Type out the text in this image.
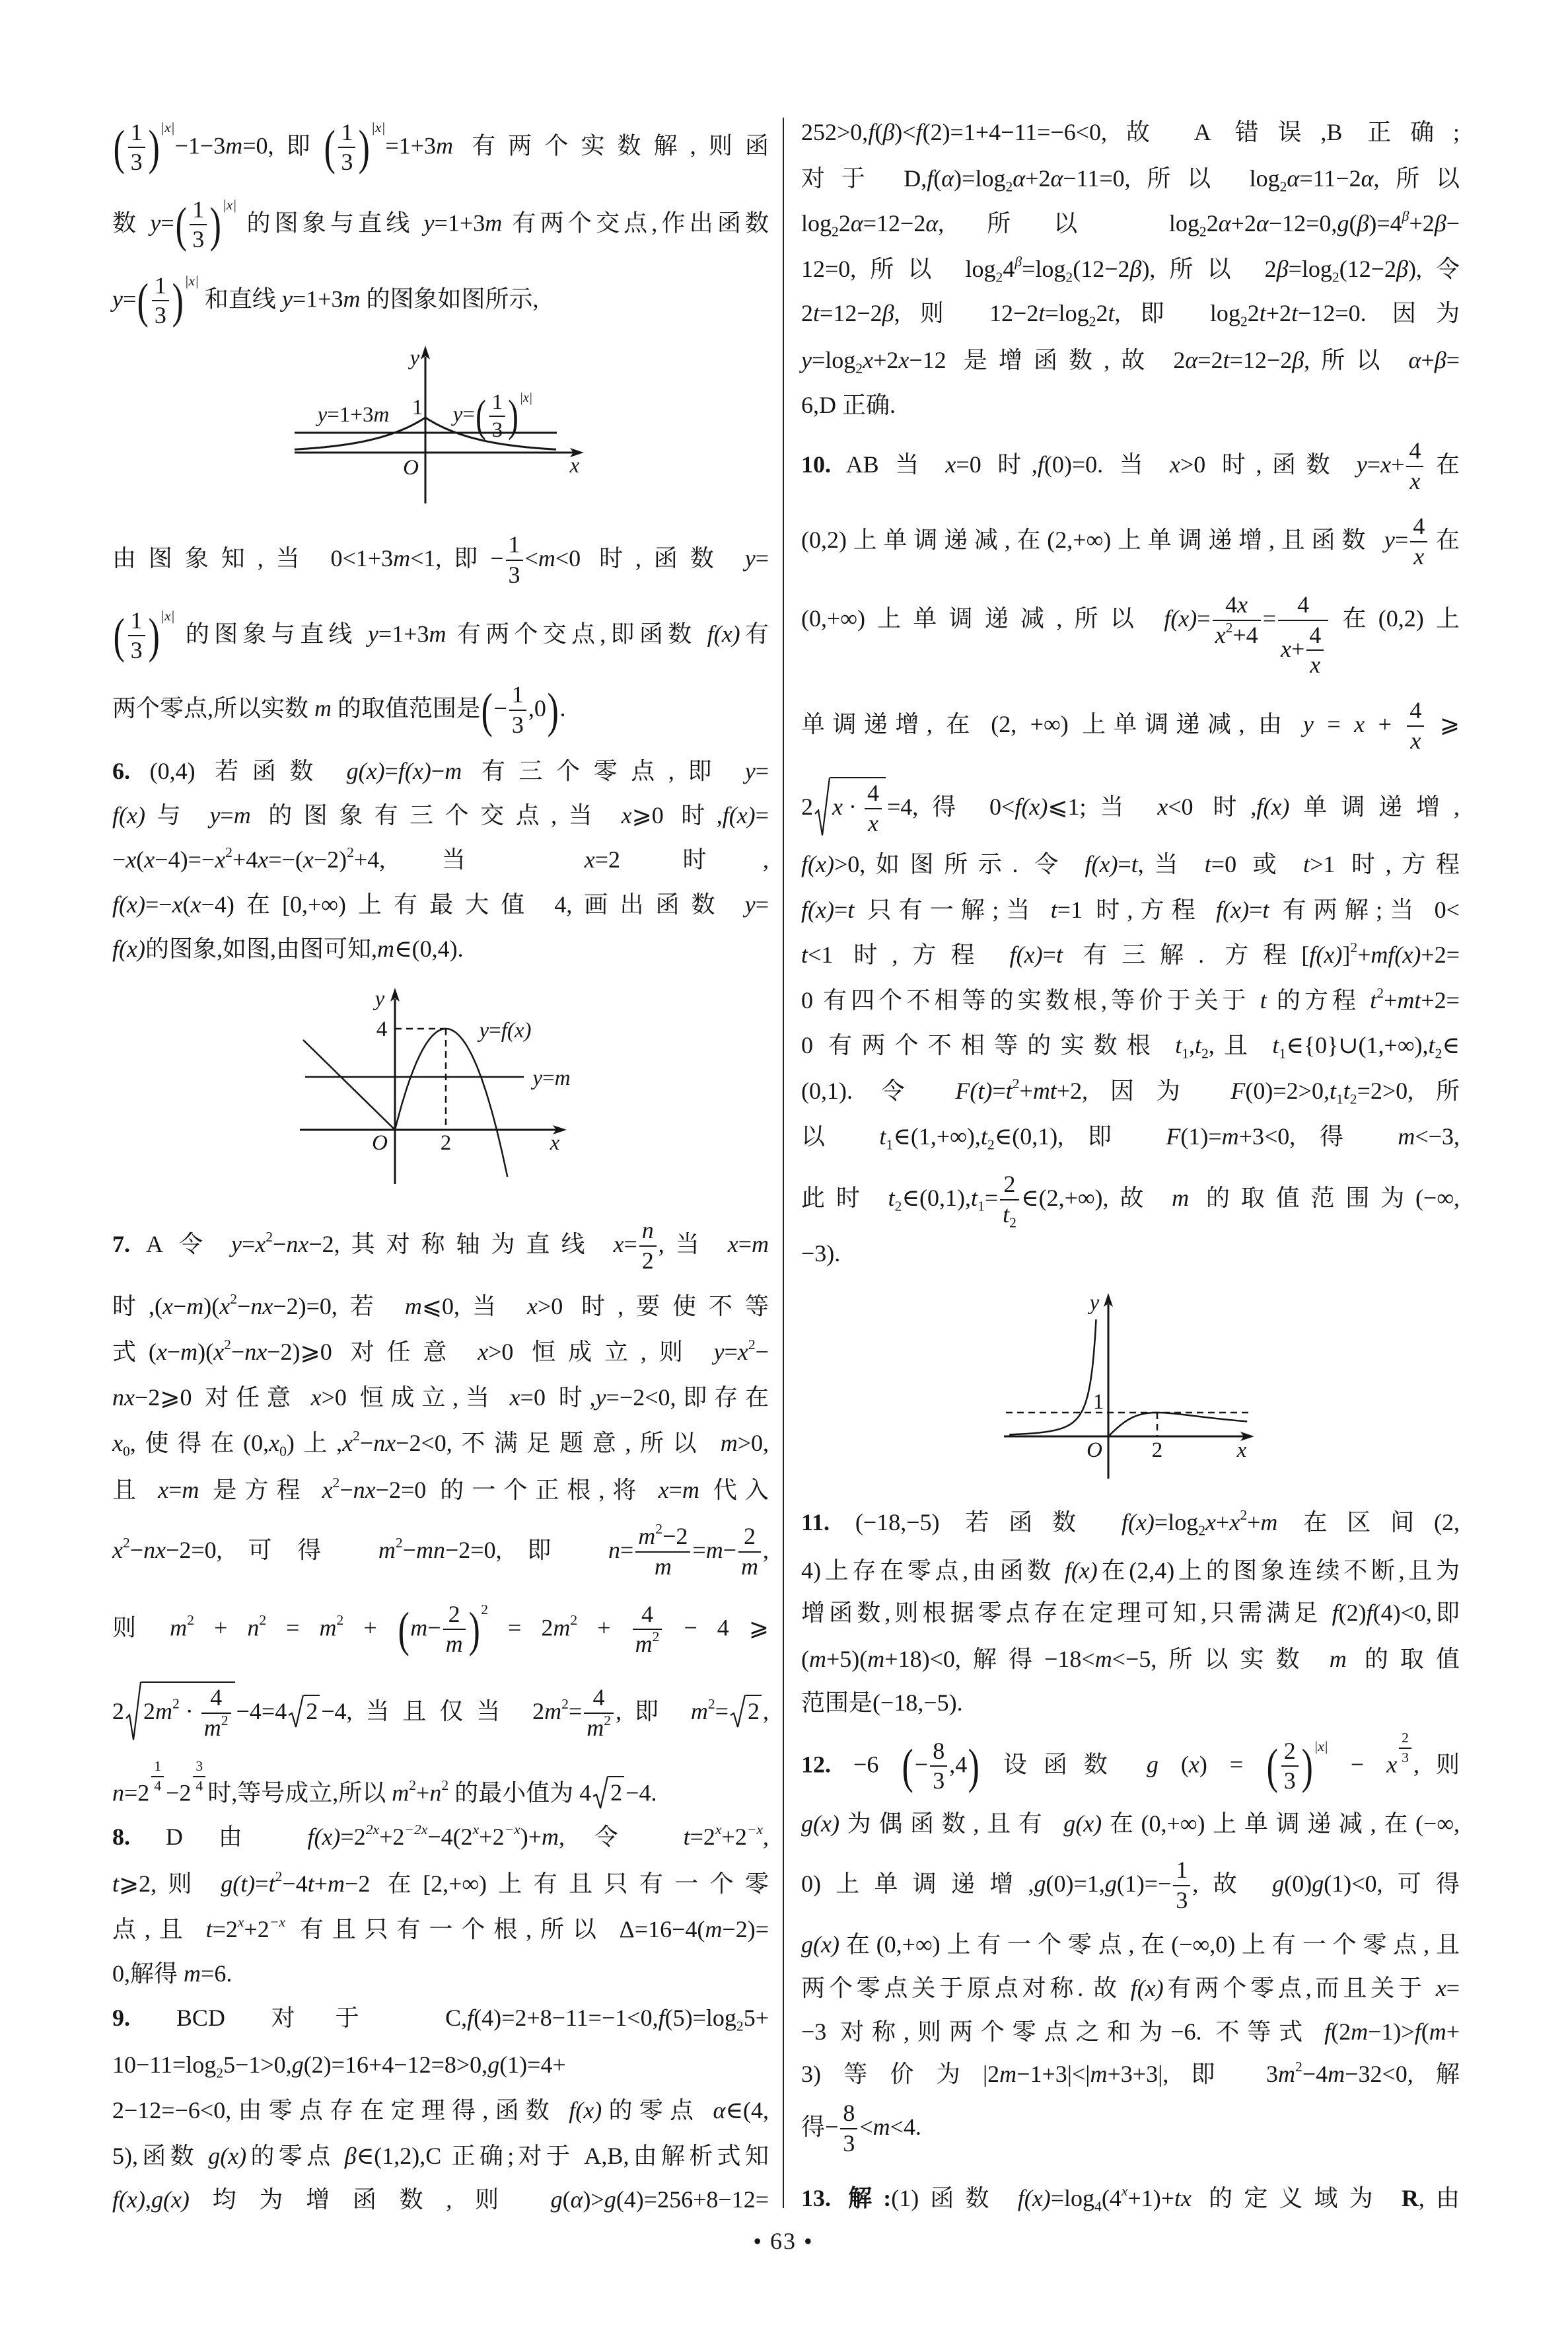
( $\frac{1}{3} )^{|x|}-1-3m=0$,即( $\frac{1}{3} )^{|x|}=1+3m$ 有两个实数解,则函
数 $y=( \frac{1}{3} )^{|x|}$ 的图象与直线 y=1+3m 有两个交点,作出函数
$y=( \frac{1}{3} )^{|x|}$ 和直线 y=1+3m 的图象如图所示,
由图象知,当 0<1+3m<1,即− $\frac{1}{3} <m<0$ 时,函数 y=
( $\frac{1}{3} )^{|x|}$ 的图象与直线 y=1+3m 有两个交点,即函数 f(x)有
两个零点,所以实数 m 的取值范围是(− $\frac{1}{3} ,0$).
6. (0,4) 若函数 g(x)=f(x)−m 有三个零点,即 y=
f(x)与 y=m 的图象有三个交点,当 x⩾0 时,f(x)=
$-x(x-4)=-x^2+4x=-(x-2)^2+4$,当 x=2 时,
f(x)=−x(x−4)在[0,+∞)上有最大值 4,画出函数 y=
f(x)的图象,如图,由图可知,m∈(0,4).
7. A 令 $y=x^2-nx-2$,其对称轴为直线 $x= \frac{n}{2}$ ,当 x=m
时$,(x-m)(x^2-nx-2)=0$,若 m⩽0,当 x>0 时,要使不等
式$(x-m)(x^2-nx-2)⩾0$ 对任意 x>0 恒成立,则 $y=x^2-$
nx−2⩾0 对任意 x>0 恒成立,当 x=0 时,y=−2<0,即存在
$x_0$,使得在$(0,x_0)$上$,x^2-nx-2<0$,不满足题意,所以 m>0,
且 x=m 是方程 $x^2-nx-2=0$ 的一个正根,将 x=m 代入
$x^2-nx-2=0$,可得 $m^2-mn-2=0$,即 $n= \frac{m^2-2}{m} =m- \frac{2}{m}$ ,
则 $m^2 + n^2 = m^2 + (m- \frac{2}{m} )^2 = 2m^2 + \frac{4}{m^2} - 4$ ⩾
2 $2m^2 \cdot \frac{4}{m^2} -4=4$ 2 −4,当且仅当 $2m^2= \frac{4}{m^2}$ ,即 $m^2= 2$ ,
n=2 $^{\frac{1}{4}}$ −2 $^{\frac{3}{4}}$ 时,等号成立,所以 $m^2+n^2$ 的最小值为 4 2 −4.
8. D 由 $f(x)=2^{2x}+2^{-2x}-4(2^x+2^{-x})+m$,令 $t=2^x+2^{-x}$,
t⩾2,则 $g(t)=t^2-4t+m-2$ 在[2,+∞)上有且只有一个零
点,且 $t=2^x+2^{-x}$ 有且只有一个根,所以 Δ=16−4(m−2)=
0,解得 m=6.
9. BCD 对于 $C,f(4)=2+8-11=-1<0,f(5)=\log_25+$
$10-11=\log_25-1>0,g(2)=16+4-12=8>0,g(1)=4+$
2−12=−6<0,由零点存在定理得,函数 f(x)的零点 α∈(4,
5),函数 g(x)的零点 β∈(1,2),C 正确;对于 A,B,由解析式知
f(x),g(x)均为增函数,则 g(α)>g(4)=256+8−12=
252>0,f(β)<f(2)=1+4−11=−6<0,故 A 错误,B 正确;
对于 $D,f(\alpha)=\log_2\alpha+2\alpha-11=0$,所以 $\log_2\alpha=11-2\alpha$,所以
$\log_22\alpha=12-2\alpha$,所以 $\log_22\alpha+2\alpha-12=0,g(\beta)=4^\beta+2\beta-$
12=0,所以 $\log_24^\beta=\log_2(12-2\beta)$,所以 $2\beta=\log_2(12-2\beta)$,令
2t=12−2β,则 $12-2t=\log_22t$,即 $\log_22t+2t-12=0$. 因为
$y=\log_2x+2x-12$ 是增函数,故 2α=2t=12−2β,所以 α+β=
6,D 正确.
10. AB 当 x=0 时,f(0)=0. 当 x>0 时,函数 $y=x+ \frac{4}{x}$ 在
(0,2)上单调递减,在(2,+∞)上单调递增,且函数 $y= \frac{4}{x}$ 在
(0,+∞)上单调递减,所以 $f(x)= \frac{4x}{x^2+4} = \frac{4}{x+ \frac{4}{x}}$ 在(0,2)上
单调递增, 在 (2, +∞) 上单调递减, 由 $y = x + \frac{4}{x}$ ⩾
2 $x \cdot \frac{4}{x} =4$,得 0<f(x)⩽1;当 x<0 时,f(x)单调递增,
f(x)>0,如图所示. 令 f(x)=t,当 t=0 或 t>1 时,方程
f(x)=t 只有一解;当 t=1 时,方程 f(x)=t 有两解;当 0<
t<1 时,方程 f(x)=t 有三解. 方程$[f(x)]^2+mf(x)+2=$
0 有四个不相等的实数根,等价于关于 t 的方程 $t^2+mt+2=$
0 有两个不相等的实数根 $t_1,t_2$,且 $t_1\in\{0\}\cup(1,+\infty),t_2\in$
(0,1). 令 $F(t)=t^2+mt+2$,因为 $F(0)=2>0,t_1t_2=2>0$,所
以 $t_1\in(1,+\infty),t_2\in(0,1)$,即 F(1)=m+3<0,得 m<−3,
此时 $t_2\in(0,1),t_1= \frac{2}{t_2}$ ∈(2,+∞),故 m 的取值范围为(−∞,
−3).
11. (−18,−5) 若函数 $f(x)=\log_2x+x^2+m$ 在区间(2,
4)上存在零点,由函数 f(x)在(2,4)上的图象连续不断,且为
增函数,则根据零点存在定理可知,只需满足 f(2)f(4)<0,即
(m+5)(m+18)<0,解得−18<m<−5,所以实数 m 的取值
范围是(−18,−5).
12. −6 (− $\frac{8}{3} ,4$) 设函数 g (x) = ( $\frac{2}{3} )^{|x|} - x$ $^{\frac{2}{3}}$ ,则
g(x)为偶函数,且有 g(x)在(0,+∞)上单调递减,在(−∞,
0)上单调递增$,g(0)=1,g(1)=- \frac{1}{3}$ ,故 g(0)g(1)<0,可得
g(x)在(0,+∞)上有一个零点,在(−∞,0)上有一个零点,且
两个零点关于原点对称. 故 f(x)有两个零点,而且关于 x=
−3 对称,则两个零点之和为−6. 不等式 f(2m−1)>f(m+
3)等价为|2m−1+3|<|m+3+3|,即 $3m^2-4m-32<0$,解
得− $\frac{8}{3} <m<4$.
13. 解:(1)函数 $f(x)=\log_4(4^x+1)+tx$ 的定义域为 R,由
y
1
O	x
y=1+3m	$y=( \frac{1}{3} )^{|x|}$
y
4	y=f(x)
y=m
O 2	x
y
1
O 2	x
• 63 •
